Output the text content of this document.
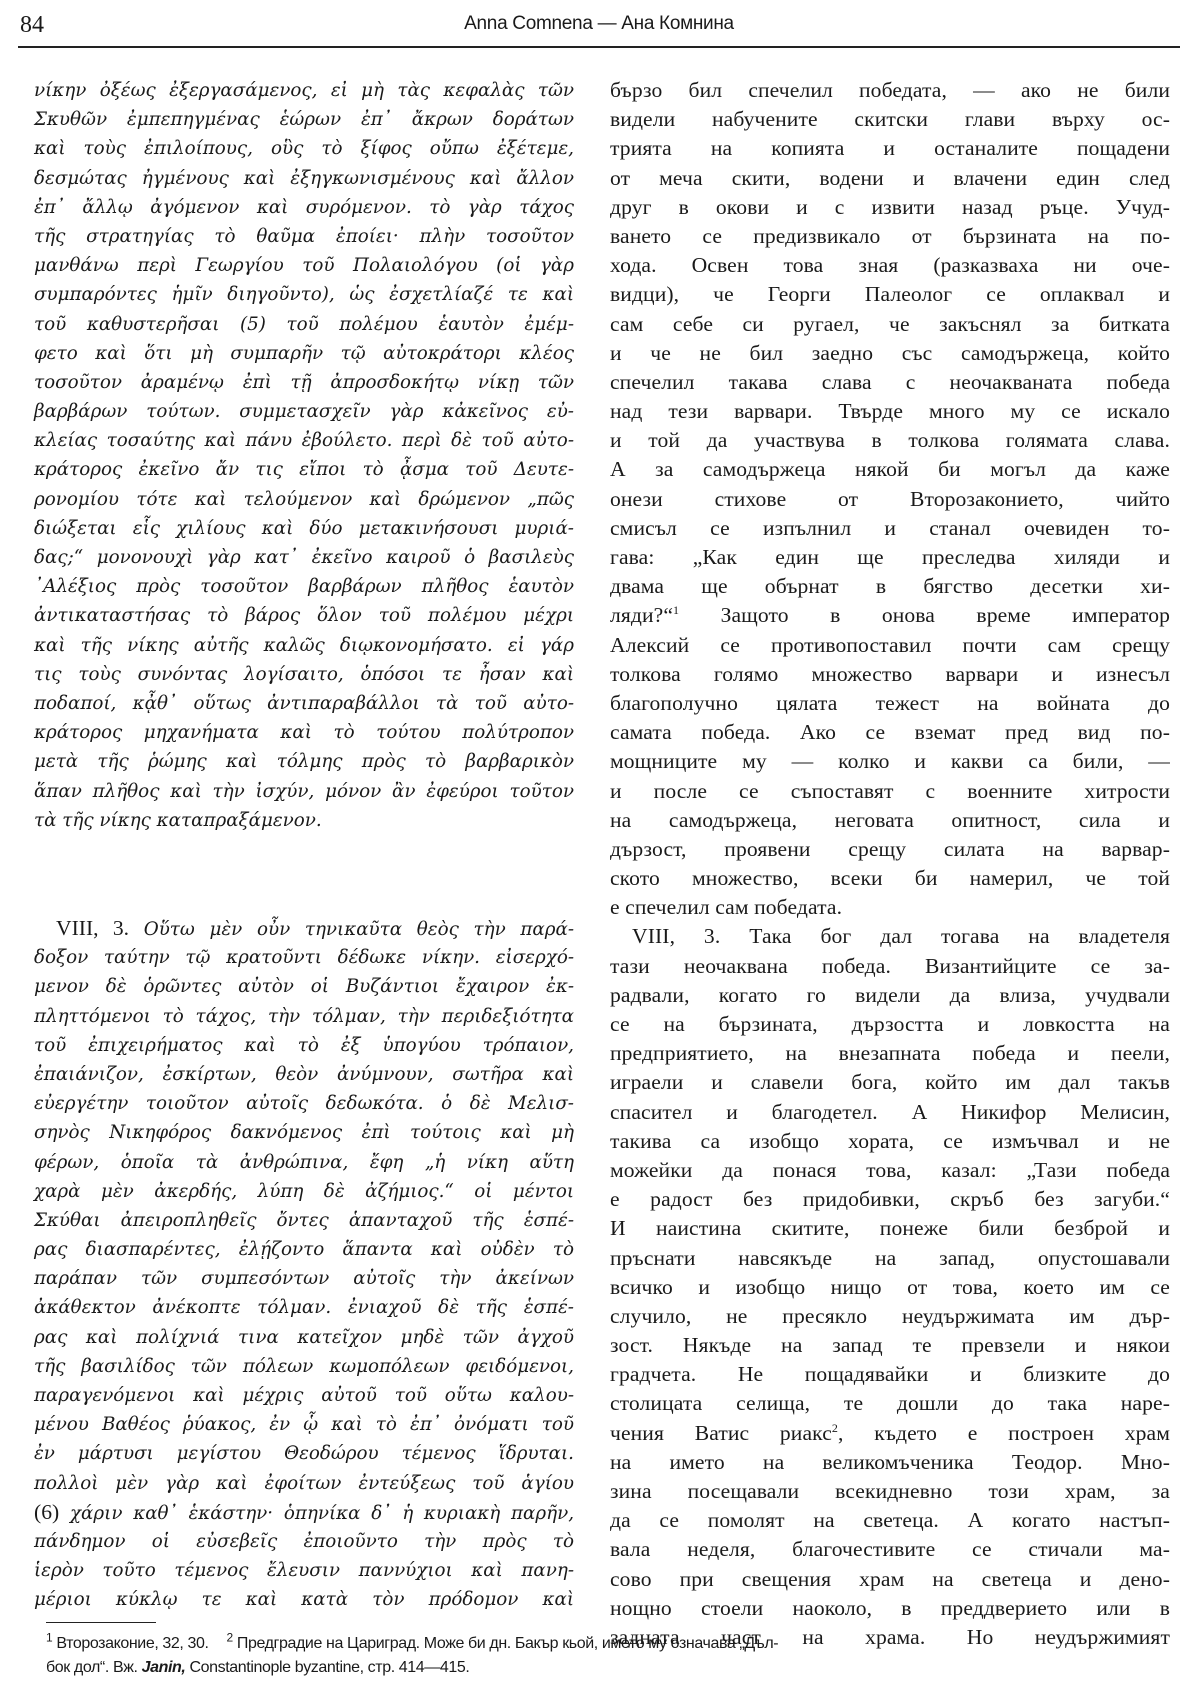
84	Anna Comnena — Ана Комнина
νίκην ὀξέως ἐξεργασάμενος, εἰ μὴ τὰς κεφαλὰς τῶν
Σκυθῶν ἐμπεπηγμένας ἑώρων ἐπ᾽ ἄκρων δοράτων
καὶ τοὺς ἐπιλοίπους, οὓς τὸ ξίφος οὔπω ἐξέτεμε,
δεσμώτας ἠγμένους καὶ ἐξηγκωνισμένους καὶ ἄλλον
ἐπ᾽ ἄλλῳ ἀγόμενον καὶ συρόμενον. τὸ γὰρ τάχος
τῆς στρατηγίας τὸ θαῦμα ἐποίει· πλὴν τοσοῦτον
μανθάνω περὶ Γεωργίου τοῦ Πολαιολόγου (οἱ γὰρ
συμπαρόντες ἡμῖν διηγοῦντο), ὡς ἐσχετλίαζέ τε καὶ
τοῦ καθυστερῆσαι (5) τοῦ πολέμου ἑαυτὸν ἐμέμ-
φετο καὶ ὅτι μὴ συμπαρῆν τῷ αὐτοκράτορι κλέος
τοσοῦτον ἀραμένῳ ἐπὶ τῇ ἀπροσδοκήτῳ νίκῃ τῶν
βαρβάρων τούτων. συμμετασχεῖν γὰρ κἀκεῖνος εὐ-
κλείας τοσαύτης καὶ πάνυ ἐβούλετο. περὶ δὲ τοῦ αὐτο-
κράτορος ἐκεῖνο ἄν τις εἴποι τὸ ᾆσμα τοῦ Δευτε-
ρονομίου τότε καὶ τελούμενον καὶ δρώμενον „πῶς
διώξεται εἷς χιλίους καὶ δύο μετακινήσουσι μυριά-
δας;“ μονονουχὶ γὰρ κατ᾽ ἐκεῖνο καιροῦ ὁ βασιλεὺς
᾽Αλέξιος πρὸς τοσοῦτον βαρβάρων πλῆθος ἑαυτὸν
ἀντικαταστήσας τὸ βάρος ὅλον τοῦ πολέμου μέχρι
καὶ τῆς νίκης αὐτῆς καλῶς διῳκονομήσατο. εἰ γάρ
τις τοὺς συνόντας λογίσαιτο, ὁπόσοι τε ἦσαν καὶ
ποδαποί, κᾆθ᾽ οὕτως ἀντιπαραβάλλοι τὰ τοῦ αὐτο-
κράτορος μηχανήματα καὶ τὸ τούτου πολύτροπον
μετὰ τῆς ῥώμης καὶ τόλμης πρὸς τὸ βαρβαρικὸν
ἅπαν πλῆθος καὶ τὴν ἰσχύν, μόνον ἂν ἐφεύροι τοῦτον
τὰ τῆς νίκης καταπραξάμενον.
VIII, 3. Οὕτω μὲν οὖν τηνικαῦτα θεὸς τὴν παρά-
δοξον ταύτην τῷ κρατοῦντι δέδωκε νίκην. εἰσερχό-
μενον δὲ ὁρῶντες αὐτὸν οἱ Βυζάντιοι ἔχαιρον ἐκ-
πληττόμενοι τὸ τάχος, τὴν τόλμαν, τὴν περιδεξιότητα
τοῦ ἐπιχειρήματος καὶ τὸ ἐξ ὑπογύου τρόπαιον,
ἐπαιάνιζον, ἐσκίρτων, θεὸν ἀνύμνουν, σωτῆρα καὶ
εὐεργέτην τοιοῦτον αὐτοῖς δεδωκότα. ὁ δὲ Μελισ-
σηνὸς Νικηφόρος δακνόμενος ἐπὶ τούτοις καὶ μὴ
φέρων, ὁποῖα τὰ ἀνθρώπινα, ἔφη „ἡ νίκη αὕτη
χαρὰ μὲν ἀκερδής, λύπη δὲ ἀζήμιος.“ οἱ μέντοι
Σκύθαι ἀπειροπληθεῖς ὄντες ἁπανταχοῦ τῆς ἑσπέ-
ρας διασπαρέντες, ἐλῄζοντο ἅπαντα καὶ οὐδὲν τὸ
παράπαν τῶν συμπεσόντων αὐτοῖς τὴν ἀκείνων
ἀκάθεκτον ἀνέκοπτε τόλμαν. ἐνιαχοῦ δὲ τῆς ἑσπέ-
ρας καὶ πολίχνιά τινα κατεῖχον μηδὲ τῶν ἀγχοῦ
τῆς βασιλίδος τῶν πόλεων κωμοπόλεων φειδόμενοι,
παραγενόμενοι καὶ μέχρις αὐτοῦ τοῦ οὕτω καλου-
μένου Βαθέος ῥύακος, ἐν ᾧ καὶ τὸ ἐπ᾽ ὀνόματι τοῦ
ἐν μάρτυσι μεγίστου Θεοδώρου τέμενος ἵδρυται.
πολλοὶ μὲν γὰρ καὶ ἐφοίτων ἐντεύξεως τοῦ ἁγίου
(6) χάριν καθ᾽ ἑκάστην· ὁπηνίκα δ᾽ ἡ κυριακὴ παρῆν,
πάνδημον οἱ εὐσεβεῖς ἐποιοῦντο τὴν πρὸς τὸ
ἱερὸν τοῦτο τέμενος ἔλευσιν παννύχιοι καὶ πανη-
μέριοι κύκλῳ τε καὶ κατὰ τὸν πρόδομον καὶ
бързо бил спечелил победата, — ако не били
видели набучените скитски глави върху ос-
трията на копията и останалите пощадени
от меча скити, водени и влачени един след
друг в окови и с извити назад ръце. Учуд-
ването се предизвикало от бързината на по-
хода. Освен това зная (разказваха ни оче-
видци), че Георги Палеолог се оплаквал и
сам себе си ругаел, че закъснял за битката
и че не бил заедно със самодържеца, който
спечелил такава слава с неочакваната победа
над тези варвари. Твърде много му се искало
и той да участвува в толкова голямата слава.
А за самодържеца някой би могъл да каже
онези стихове от Второзаконието, чийто
смисъл се изпълнил и станал очевиден то-
гава: „Как един ще преследва хиляди и
двама ще обърнат в бягство десетки хи-
ляди?“$^1$ Защото в онова време император
Алексий се противопоставил почти сам срещу
толкова голямо множество варвари и изнесъл
благополучно цялата тежест на войната до
самата победа. Ако се вземат пред вид по-
мощниците му — колко и какви са били, —
и после се съпоставят с военните хитрости
на самодържеца, неговата опитност, сила и
дързост, проявени срещу силата на варвар-
ското множество, всеки би намерил, че той
е спечелил сам победата.
VIII, 3. Така бог дал тогава на владетеля
тази неочаквана победа. Византийците се за-
радвали, когато го видели да влиза, учудвали
се на бързината, дързостта и ловкостта на
предприятието, на внезапната победа и пеели,
играели и славели бога, който им дал такъв
спасител и благодетел. А Никифор Мелисин,
такива са изобщо хората, се измъчвал и не
можейки да понася това, казал: „Тази победа
е радост без придобивки, скръб без загуби.“
И наистина скитите, понеже били безброй и
пръснати навсякъде на запад, опустошавали
всичко и изобщо нищо от това, което им се
случило, не пресякло неудържимата им дър-
зост. Някъде на запад те превзели и някои
градчета. Не пощадявайки и близките до
столицата селища, те дошли до така наре-
чения Ватис риакс$^2$, където е построен храм
на името на великомъченика Теодор. Мно-
зина посещавали всекидневно този храм, за
да се помолят на светеца. А когато настъп-
вала неделя, благочестивите се стичали ма-
сово при свещения храм на светеца и дено-
нощно стоели наоколо, в преддверието или в
задната част на храма. Но неудържимият
$^1$ Второзаконие, 32, 30. $^2$ Предградие на Цариград. Може би дн. Бакър кьой, името му означава „Дъл-
бок дол“. Вж. Janin, Constantinople byzantine, стр. 414—415.
